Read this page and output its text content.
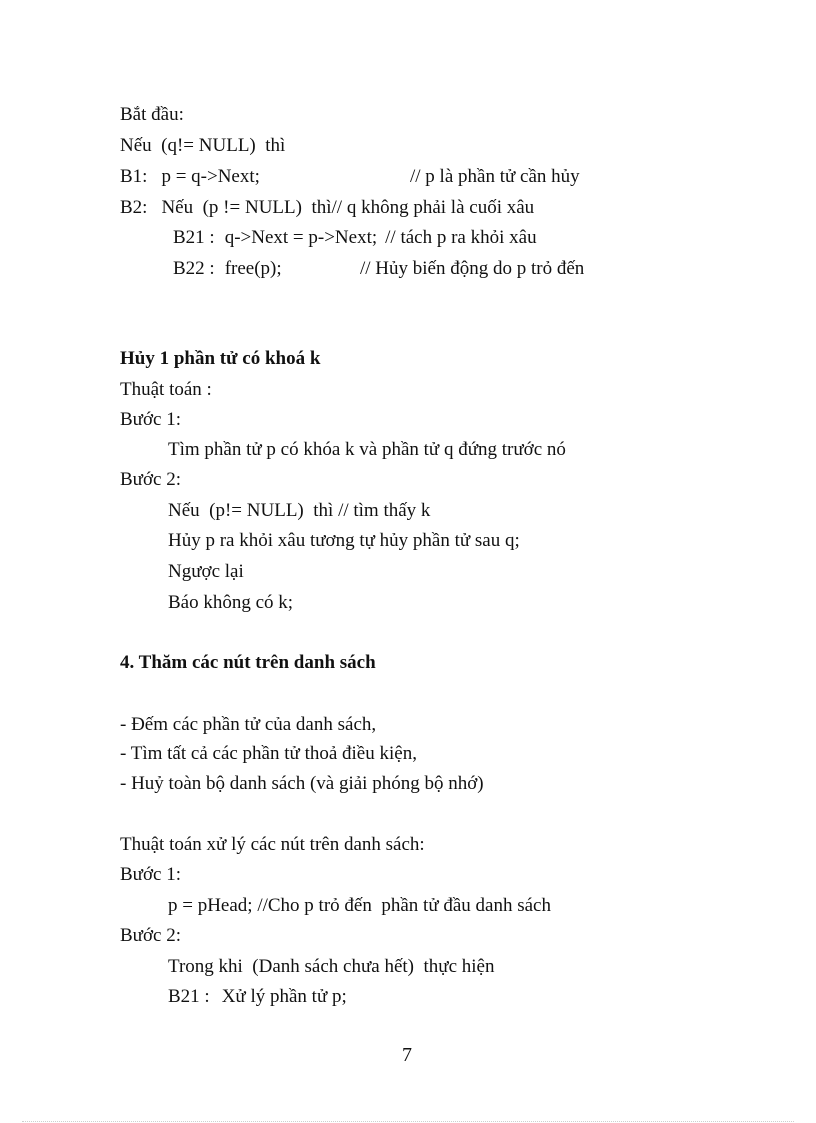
Bắt đầu:
Nếu  (q!= NULL)  thì
B1: p = q->Next;	// p là phần tử cần hủy
B2: Nếu  (p != NULL)  thì// q không phải là cuối xâu
B21 : q->Next = p->Next; // tách p ra khỏi xâu
B22 : free(p);	// Hủy biến động do p trỏ đến
Hủy 1 phần tử có khoá k
Thuật toán :
Bước 1:
Tìm phần tử p có khóa k và phần tử q đứng trước nó
Bước 2:
Nếu  (p!= NULL)  thì // tìm thấy k
Hủy p ra khỏi xâu tương tự hủy phần tử sau q;
Ngược lại
Báo không có k;
4. Thăm các nút trên danh sách
- Đếm các phần tử của danh sách,
- Tìm tất cả các phần tử thoả điều kiện,
- Huỷ toàn bộ danh sách (và giải phóng bộ nhớ)
Thuật toán xử lý các nút trên danh sách:
Bước 1:
p = pHead; //Cho p trỏ đến  phần tử đầu danh sách
Bước 2:
Trong khi  (Danh sách chưa hết)  thực hiện
B21 : Xử lý phần tử p;
7
